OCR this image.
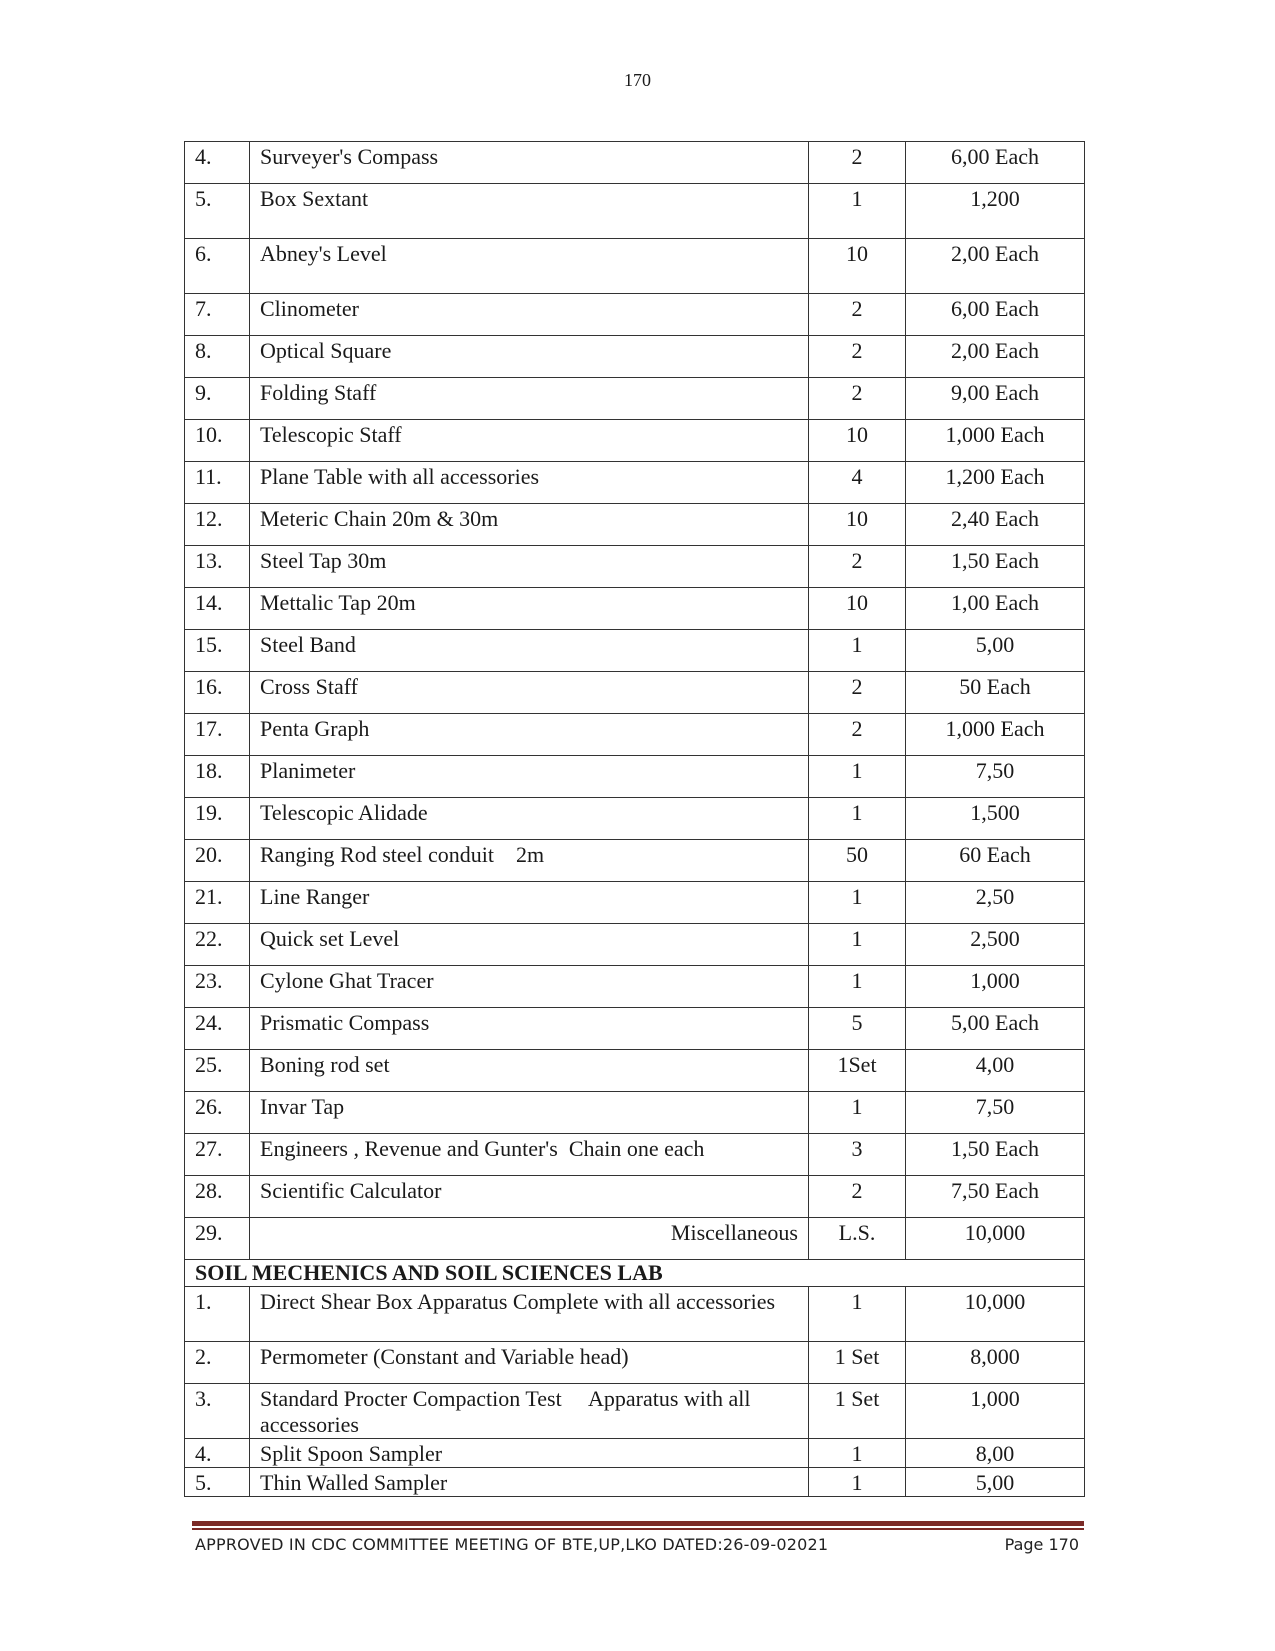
170
4.	Surveyer's Compass	2	6,00 Each
5.	Box Sextant	1	1,200
6.	Abney's Level	10	2,00 Each
7.	Clinometer	2	6,00 Each
8.	Optical Square	2	2,00 Each
9.	Folding Staff	2	9,00 Each
10.	Telescopic Staff	10	1,000 Each
11.	Plane Table with all accessories	4	1,200 Each
12.	Meteric Chain 20m & 30m	10	2,40 Each
13.	Steel Tap 30m	2	1,50 Each
14.	Mettalic Tap 20m	10	1,00 Each
15.	Steel Band	1	5,00
16.	Cross Staff	2	50 Each
17.	Penta Graph	2	1,000 Each
18.	Planimeter	1	7,50
19.	Telescopic Alidade	1	1,500
20.	Ranging Rod steel conduit    2m	50	60 Each
21.	Line Ranger	1	2,50
22.	Quick set Level	1	2,500
23.	Cylone Ghat Tracer	1	1,000
24.	Prismatic Compass	5	5,00 Each
25.	Boning rod set	1Set	4,00
26.	Invar Tap	1	7,50
27.	Engineers , Revenue and Gunter's  Chain one each	3	1,50 Each
28.	Scientific Calculator	2	7,50 Each
29.	Miscellaneous	L.S.	10,000
SOIL MECHENICS AND SOIL SCIENCES LAB			
1.	Direct Shear Box Apparatus Complete with all accessories	1	10,000
2.	Permometer (Constant and Variable head)	1 Set	8,000
3.	Standard Procter Compaction Test     Apparatus with all accessories	1 Set	1,000
4.	Split Spoon Sampler	1	8,00
5.	Thin Walled Sampler	1	5,00
APPROVED IN CDC COMMITTEE MEETING OF BTE,UP,LKO DATED:26-09-02021	Page 170
